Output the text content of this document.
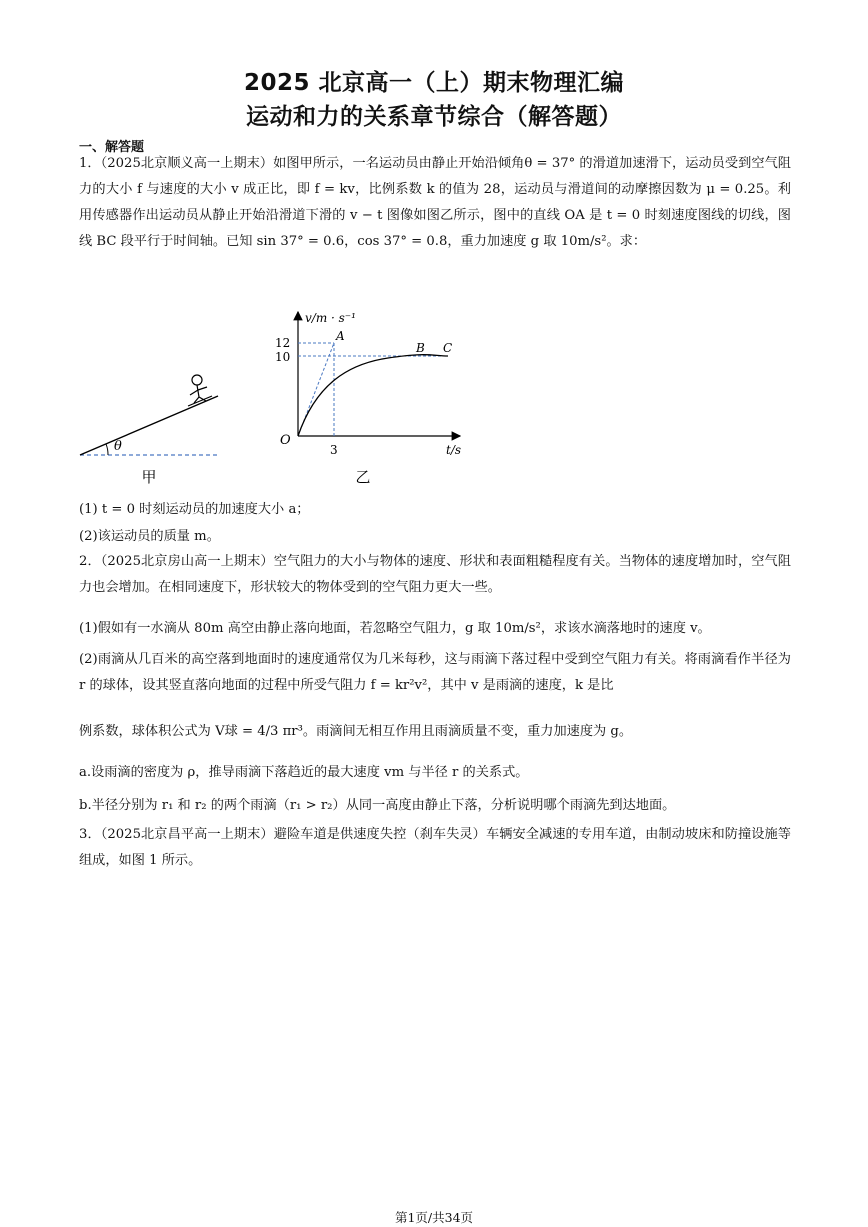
2025 北京高一（上）期末物理汇编
运动和力的关系章节综合（解答题）
一、解答题
1．（2025北京顺义高一上期末）如图甲所示，一名运动员由静止开始沿倾角θ = 37° 的滑道加速滑下，运动员受到空气阻力的大小 f 与速度的大小 v 成正比，即 f = kv，比例系数 k 的值为 28，运动员与滑道间的动摩擦因数为 μ = 0.25。利用传感器作出运动员从静止开始沿滑道下滑的 v − t 图像如图乙所示，图中的直线 OA 是 t = 0 时刻速度图线的切线，图线 BC 段平行于时间轴。已知 sin 37° = 0.6，cos 37° = 0.8，重力加速度 g 取 10m/s²。求：
θ
甲
v/m · s⁻¹
t/s
O
12
10
3
A
B C
乙
(1) t = 0 时刻运动员的加速度大小 a；
(2)该运动员的质量 m。
2．（2025北京房山高一上期末）空气阻力的大小与物体的速度、形状和表面粗糙程度有关。当物体的速度增加时，空气阻力也会增加。在相同速度下，形状较大的物体受到的空气阻力更大一些。
(1)假如有一水滴从 80m 高空由静止落向地面，若忽略空气阻力，g 取 10m/s²，求该水滴落地时的速度 v。
(2)雨滴从几百米的高空落到地面时的速度通常仅为几米每秒，这与雨滴下落过程中受到空气阻力有关。将雨滴看作半径为 r 的球体，设其竖直落向地面的过程中所受气阻力 f = kr²v²，其中 v 是雨滴的速度，k 是比
例系数，球体积公式为 V球 = 4/3 πr³。雨滴间无相互作用且雨滴质量不变，重力加速度为 g。
a.设雨滴的密度为 ρ，推导雨滴下落趋近的最大速度 vm 与半径 r 的关系式。
b.半径分别为 r₁ 和 r₂ 的两个雨滴（r₁ > r₂）从同一高度由静止下落，分析说明哪个雨滴先到达地面。
3．（2025北京昌平高一上期末）避险车道是供速度失控（刹车失灵）车辆安全减速的专用车道，由制动坡床和防撞设施等组成，如图 1 所示。
第1页/共34页
